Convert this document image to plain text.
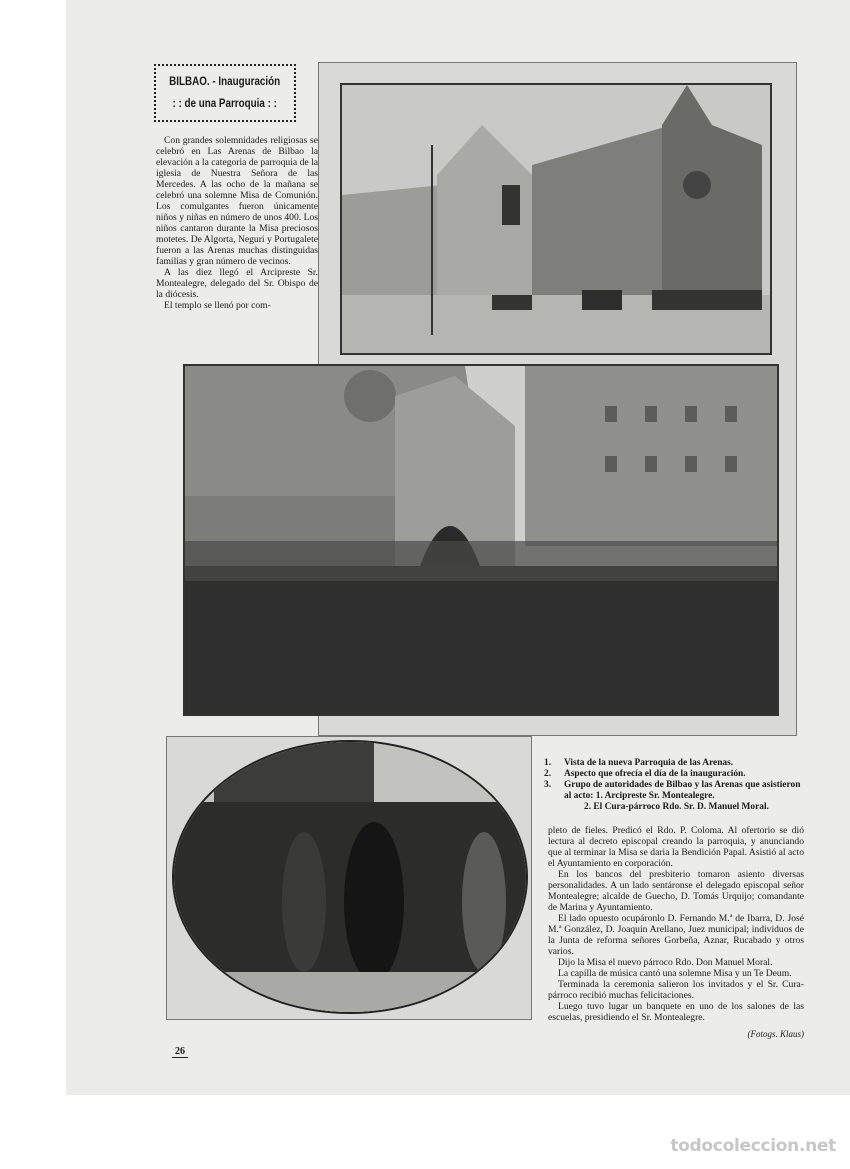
BILBAO. - Inauguración
: : de una Parroquia : :

Con grandes solemnidades religiosas se celebró en Las Arenas de Bilbao la elevación a la categoria de parroquia de la iglesia de Nuestra Señora de las Mercedes. A las ocho de la mañana se celebró una solemne Misa de Comunión. Los comulgantes fueron únicamente niños y niñas en número de unos 400. Los niños cantaron durante la Misa preciosos motetes. De Algorta, Neguri y Portugalete fueron a las Arenas muchas distinguidas familias y gran número de vecinos.

A las diez llegó el Arcipreste Sr. Montealegre, delegado del Sr. Obispo de la diócesis.

El templo se llenó por com-

1. Vista de la nueva Parroquia de las Arenas.
2. Aspecto que ofrecía el día de la inauguración.
3. Grupo de autoridades de Bilbao y las Arenas que asistieron al acto: 1. Arcipreste Sr. Montealegre.
2. El Cura-párroco Rdo. Sr. D. Manuel Moral.

pleto de fieles. Predicó el Rdo. P. Coloma. Al ofertorio se dió lectura al decreto episcopal creando la parroquia, y anunciando que al terminar la Misa se daria la Bendición Papal. Asistió al acto el Ayuntamiento en corporación.

En los bancos del presbiterio tomaron asiento diversas personalidades. A un lado sentáronse el delegado episcopal señor Montealegre; alcalde de Guecho, D. Tomás Urquijo; comandante de Marina y Ayuntamiento.

El lado opuesto ocupáronlo D. Fernando M.ª de Ibarra, D. José M.ª González, D. Joaquín Arellano, Juez municipal; individuos de la Junta de reforma señores Gorbeña, Aznar, Rucabado y otros varios.

Dijo la Misa el nuevo párroco Rdo. Don Manuel Moral.

La capilla de música cantó una solemne Misa y un Te Deum.

Terminada la ceremonia salieron los invitados y el Sr. Cura-párroco recibió muchas felicitaciones.

Luego tuvo lugar un banquete en uno de los salones de las escuelas, presidiendo el Sr. Montealegre.

(Fotogs. Klaus)
26
todocoleccion.net
